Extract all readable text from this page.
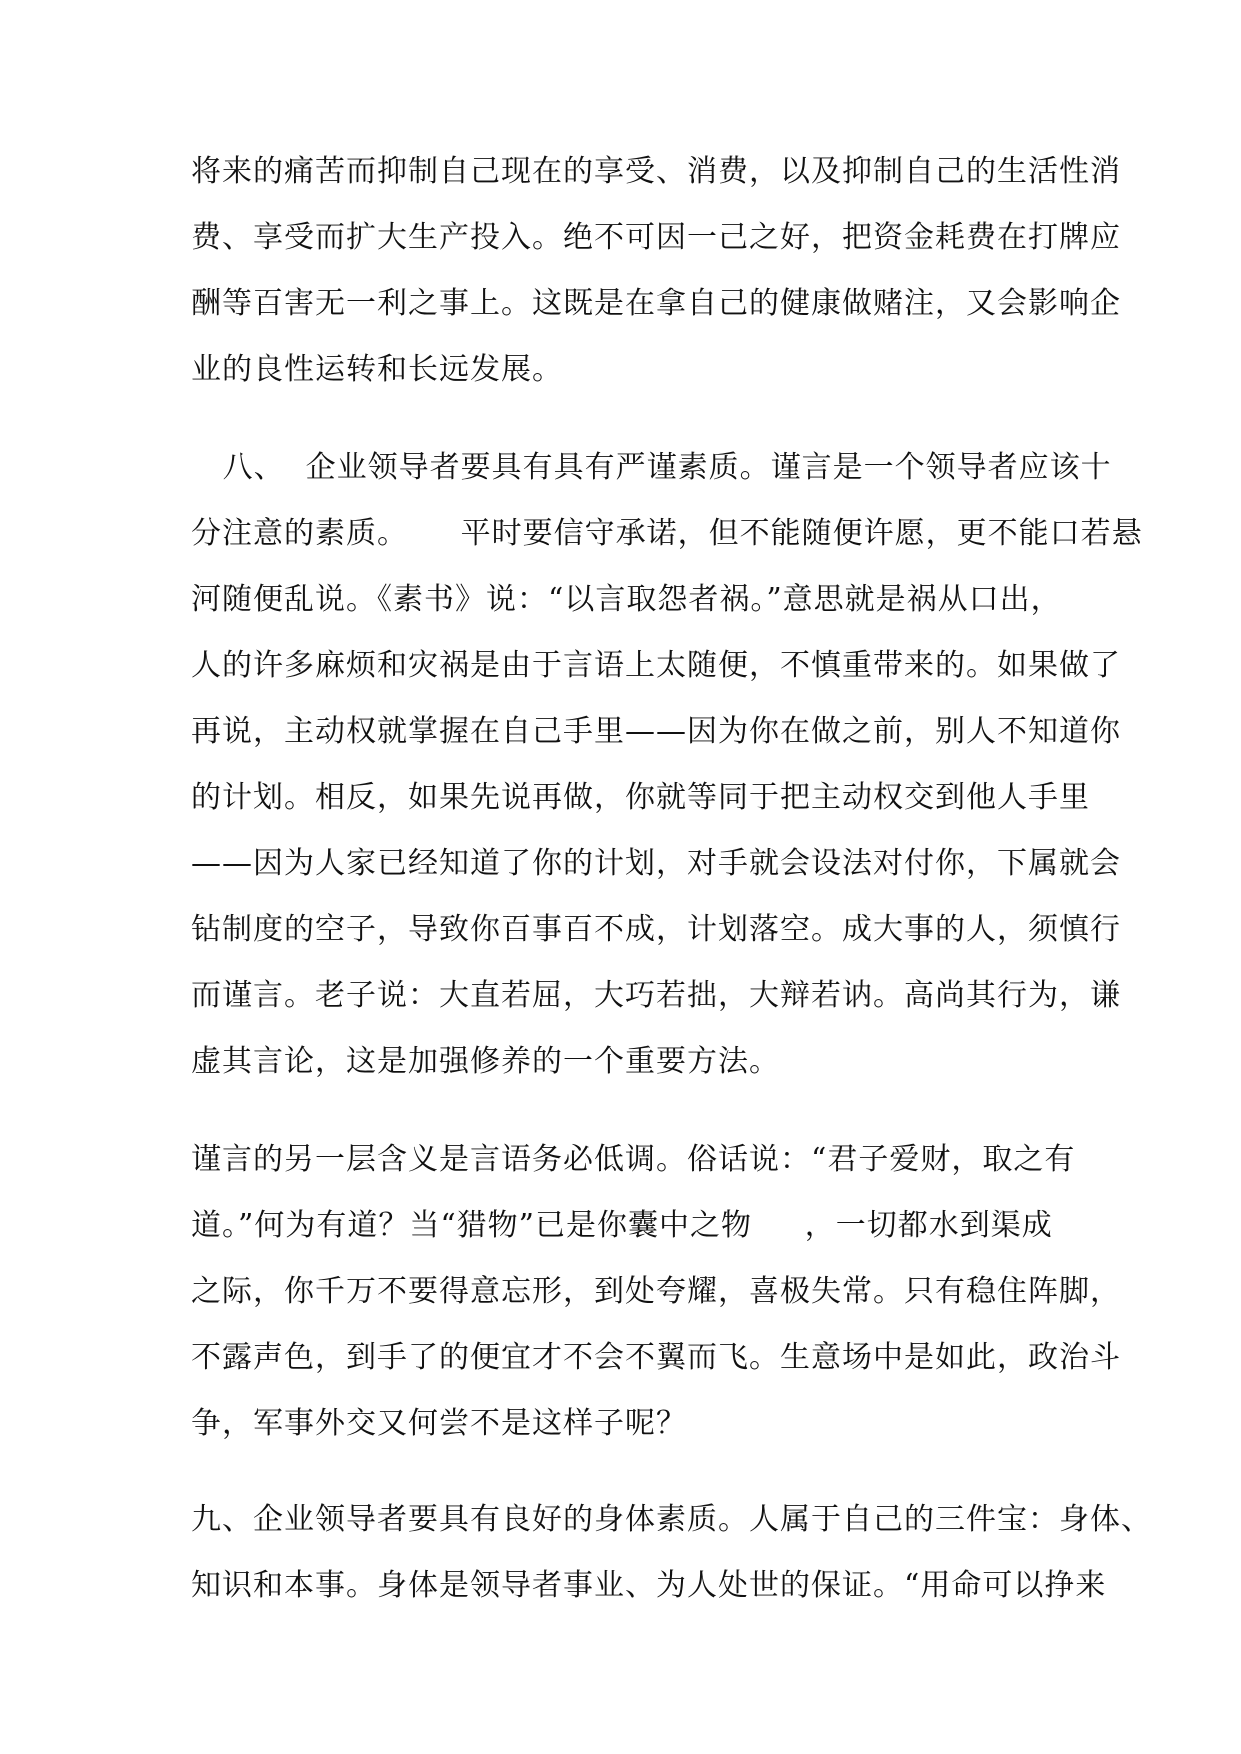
将来的痛苦而抑制自己现在的享受、消费，以及抑制自己的生活性消
费、享受而扩大生产投入。绝不可因一己之好，把资金耗费在打牌应
酬等百害无一利之事上。这既是在拿自己的健康做赌注，又会影响企
业的良性运转和长远发展。
八、  企业领导者要具有具有严谨素质。谨言是一个领导者应该十
分注意的素质。     平时要信守承诺，但不能随便许愿，更不能口若悬
河随便乱说。《素书》说：“以言取怨者祸。”意思就是祸从口出，
人的许多麻烦和灾祸是由于言语上太随便，不慎重带来的。如果做了
再说，主动权就掌握在自己手里——因为你在做之前，别人不知道你
的计划。相反，如果先说再做，你就等同于把主动权交到他人手里
——因为人家已经知道了你的计划，对手就会设法对付你，下属就会
钻制度的空子，导致你百事百不成，计划落空。成大事的人，须慎行
而谨言。老子说：大直若屈，大巧若拙，大辩若讷。高尚其行为，谦
虚其言论，这是加强修养的一个重要方法。
谨言的另一层含义是言语务必低调。俗话说：“君子爱财，取之有
道。”何为有道？当“猎物”已是你囊中之物     ，一切都水到渠成
之际，你千万不要得意忘形，到处夸耀，喜极失常。只有稳住阵脚，
不露声色，到手了的便宜才不会不翼而飞。生意场中是如此，政治斗
争，军事外交又何尝不是这样子呢？
九、企业领导者要具有良好的身体素质。人属于自己的三件宝：身体、
知识和本事。身体是领导者事业、为人处世的保证。“用命可以挣来
